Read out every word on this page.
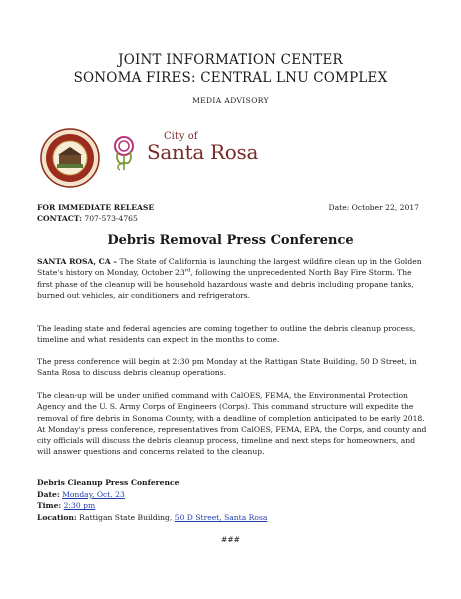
JOINT INFORMATION CENTER
SONOMA FIRES: CENTRAL LNU COMPLEX
MEDIA ADVISORY
City of
Santa Rosa
FOR IMMEDIATE RELEASE	Date: October 22, 2017
CONTACT: 707-573-4765
Debris Removal Press Conference
SANTA ROSA, CA – The State of California is launching the largest wildfire clean up in the Golden State's history on Monday, October 23rd, following the unprecedented North Bay Fire Storm. The first phase of the cleanup will be household hazardous waste and debris including propane tanks, burned out vehicles, air conditioners and refrigerators.
The leading state and federal agencies are coming together to outline the debris cleanup process, timeline and what residents can expect in the months to come.
The press conference will begin at 2:30 pm Monday at the Rattigan State Building, 50 D Street, in Santa Rosa to discuss debris cleanup operations.
The clean-up will be under unified command with CalOES, FEMA, the Environmental Protection Agency and the U. S. Army Corps of Engineers (Corps). This command structure will expedite the removal of fire debris in Sonoma County, with a deadline of completion anticipated to be early 2018. At Monday's press conference, representatives from CalOES, FEMA, EPA, the Corps, and county and city officials will discuss the debris cleanup process, timeline and next steps for homeowners, and will answer questions and concerns related to the cleanup.
Debris Cleanup Press Conference
Date: Monday, Oct. 23
Time: 2:30 pm
Location: Rattigan State Building, 50 D Street, Santa Rosa
###
